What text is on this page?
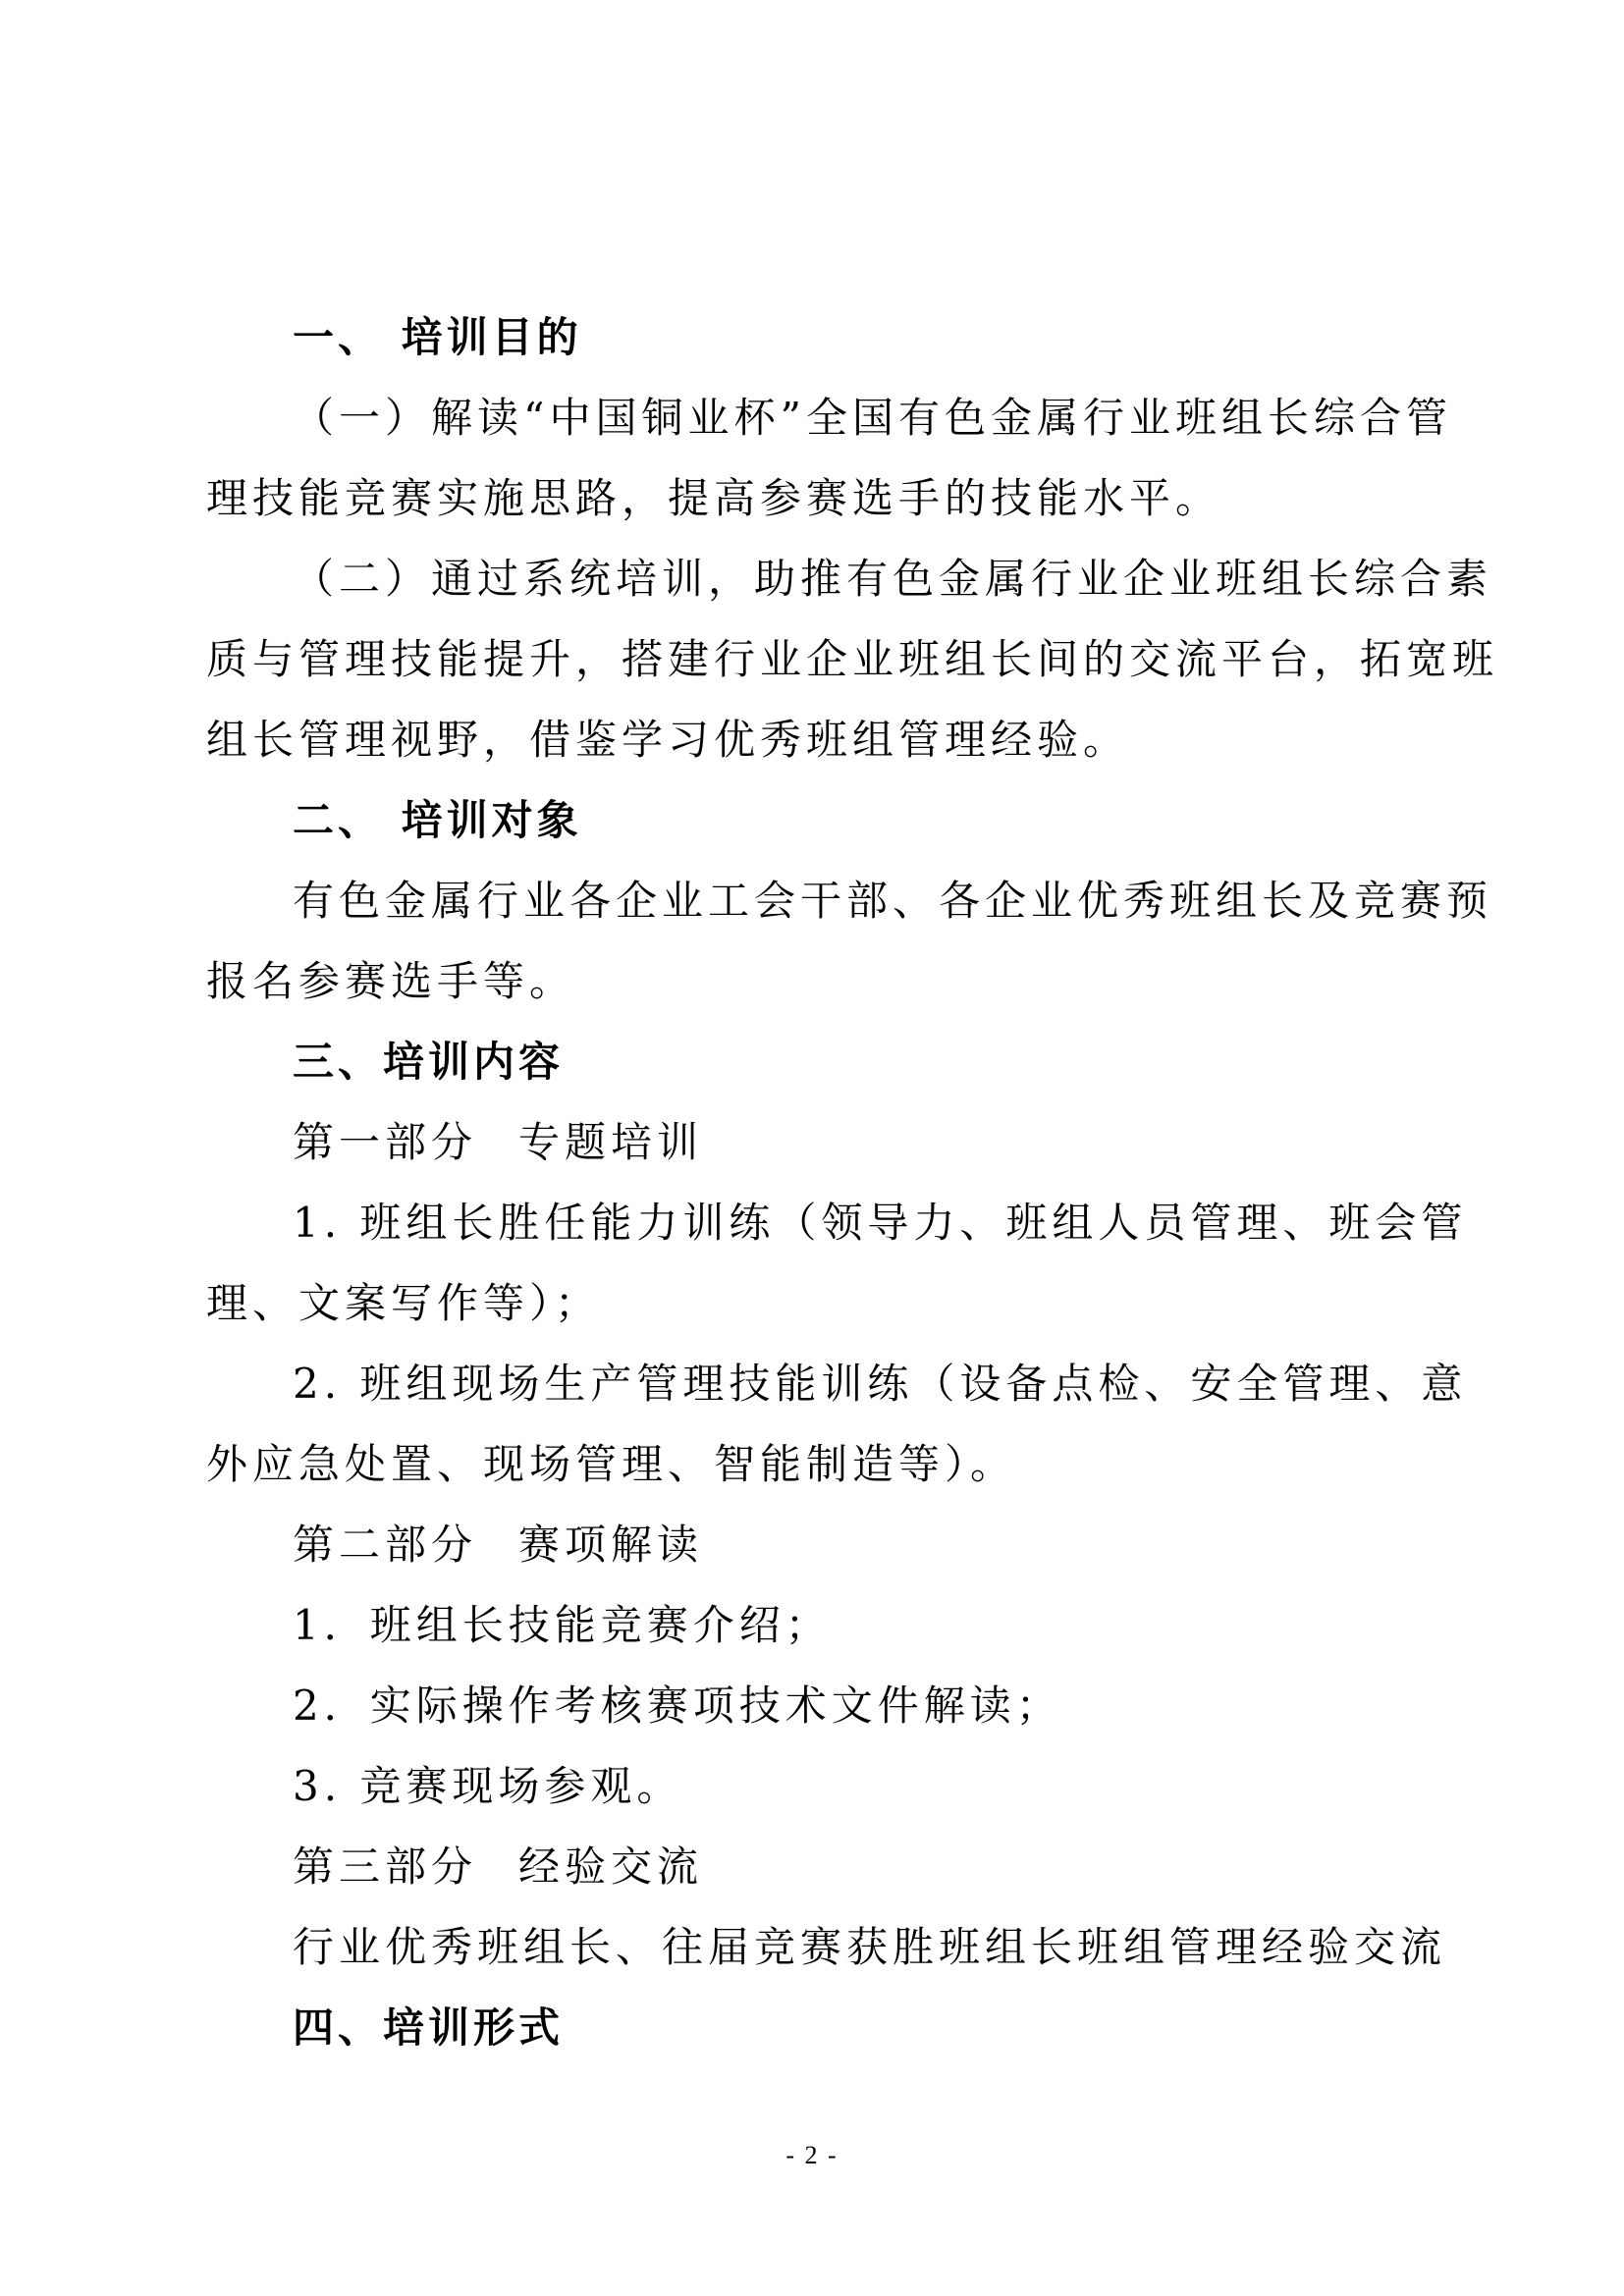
一、 培训目的
（一）解读“中国铜业杯”全国有色金属行业班组长综合管
理技能竞赛实施思路，提高参赛选手的技能水平。
（二）通过系统培训，助推有色金属行业企业班组长综合素
质与管理技能提升，搭建行业企业班组长间的交流平台，拓宽班
组长管理视野，借鉴学习优秀班组管理经验。
二、 培训对象
有色金属行业各企业工会干部、各企业优秀班组长及竞赛预
报名参赛选手等。
三、培训内容
第一部分 专题培训
1. 班组长胜任能力训练（领导力、班组人员管理、班会管
理、文案写作等）；
2. 班组现场生产管理技能训练（设备点检、安全管理、意
外应急处置、现场管理、智能制造等）。
第二部分 赛项解读
1．班组长技能竞赛介绍；
2．实际操作考核赛项技术文件解读；
3. 竞赛现场参观。
第三部分 经验交流
行业优秀班组长、往届竞赛获胜班组长班组管理经验交流
四、培训形式
- 2 -
